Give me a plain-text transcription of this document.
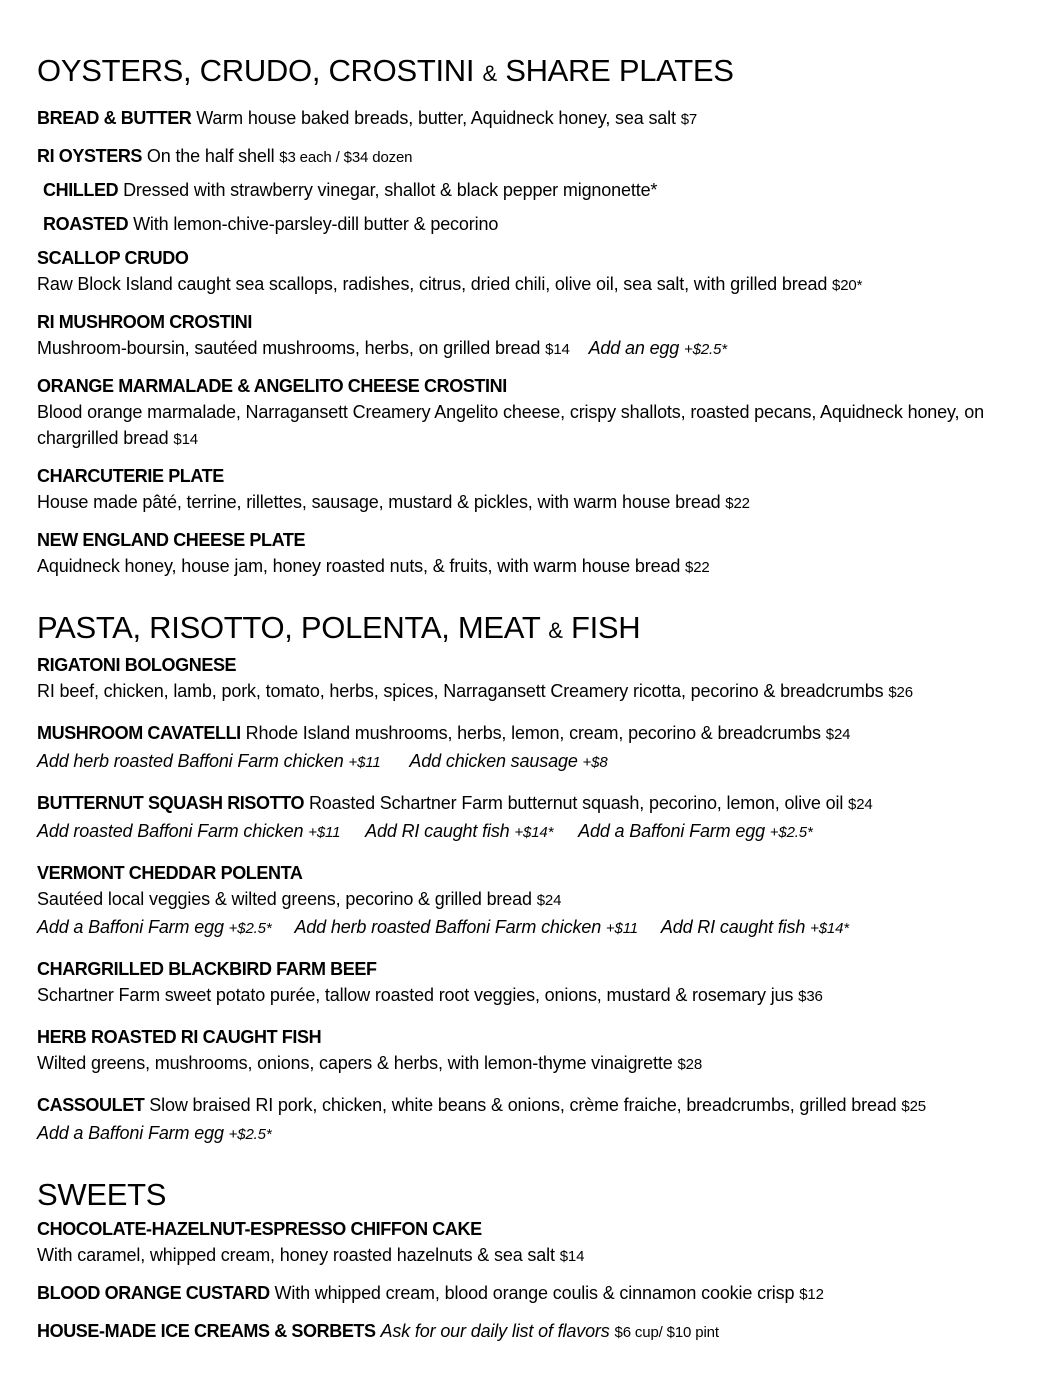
OYSTERS, CRUDO, CROSTINI & SHARE PLATES
BREAD & BUTTER Warm house baked breads, butter, Aquidneck honey, sea salt $7
RI OYSTERS On the half shell $3 each / $34 dozen
CHILLED Dressed with strawberry vinegar, shallot & black pepper mignonette*
ROASTED With lemon-chive-parsley-dill butter & pecorino
SCALLOP CRUDO
Raw Block Island caught sea scallops, radishes, citrus, dried chili, olive oil, sea salt, with grilled bread $20*
RI MUSHROOM CROSTINI
Mushroom-boursin, sautéed mushrooms, herbs, on grilled bread $14 Add an egg +$2.5*
ORANGE MARMALADE & ANGELITO CHEESE CROSTINI
Blood orange marmalade, Narragansett Creamery Angelito cheese, crispy shallots, roasted pecans, Aquidneck honey, on chargrilled bread $14
CHARCUTERIE PLATE
House made pâté, terrine, rillettes, sausage, mustard & pickles, with warm house bread $22
NEW ENGLAND CHEESE PLATE
Aquidneck honey, house jam, honey roasted nuts, & fruits, with warm house bread $22
PASTA, RISOTTO, POLENTA, MEAT & FISH
RIGATONI BOLOGNESE
RI beef, chicken, lamb, pork, tomato, herbs, spices, Narragansett Creamery ricotta, pecorino & breadcrumbs $26
MUSHROOM CAVATELLI Rhode Island mushrooms, herbs, lemon, cream, pecorino & breadcrumbs $24
Add herb roasted Baffoni Farm chicken +$11 Add chicken sausage +$8
BUTTERNUT SQUASH RISOTTO Roasted Schartner Farm butternut squash, pecorino, lemon, olive oil $24
Add roasted Baffoni Farm chicken +$11 Add RI caught fish +$14* Add a Baffoni Farm egg +$2.5*
VERMONT CHEDDAR POLENTA
Sautéed local veggies & wilted greens, pecorino & grilled bread $24
Add a Baffoni Farm egg +$2.5* Add herb roasted Baffoni Farm chicken +$11 Add RI caught fish +$14*
CHARGRILLED BLACKBIRD FARM BEEF
Schartner Farm sweet potato purée, tallow roasted root veggies, onions, mustard & rosemary jus $36
HERB ROASTED RI CAUGHT FISH
Wilted greens, mushrooms, onions, capers & herbs, with lemon-thyme vinaigrette $28
CASSOULET Slow braised RI pork, chicken, white beans & onions, crème fraiche, breadcrumbs, grilled bread $25
Add a Baffoni Farm egg +$2.5*
SWEETS
CHOCOLATE-HAZELNUT-ESPRESSO CHIFFON CAKE
With caramel, whipped cream, honey roasted hazelnuts & sea salt $14
BLOOD ORANGE CUSTARD With whipped cream, blood orange coulis & cinnamon cookie crisp $12
HOUSE-MADE ICE CREAMS & SORBETS Ask for our daily list of flavors $6 cup/ $10 pint
